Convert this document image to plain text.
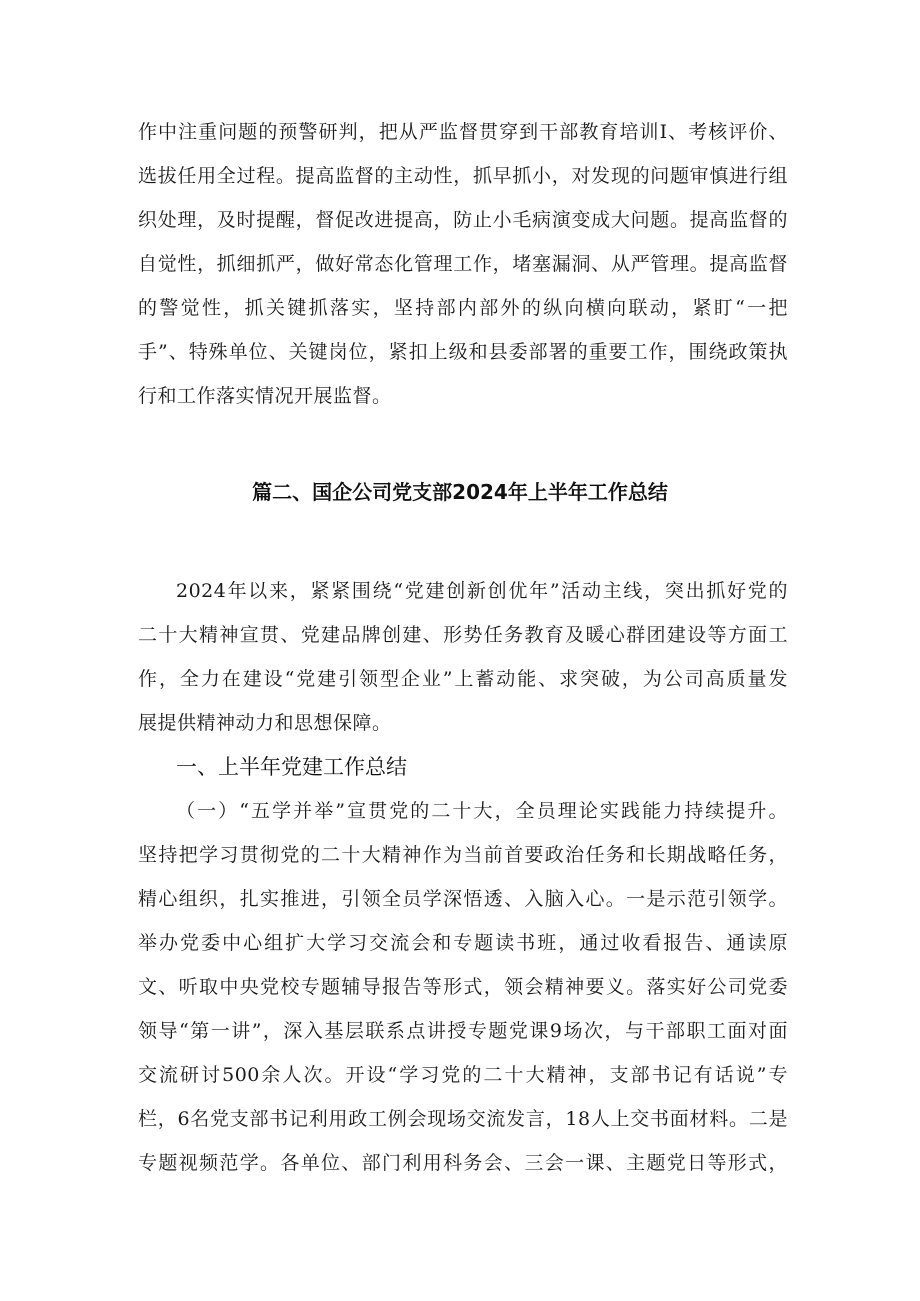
作中注重问题的预警研判，把从严监督贯穿到干部教育培训I、考核评价、
选拔任用全过程。提高监督的主动性，抓早抓小，对发现的问题审慎进行组
织处理，及时提醒，督促改进提高，防止小毛病演变成大问题。提高监督的
自觉性，抓细抓严，做好常态化管理工作，堵塞漏洞、从严管理。提高监督
的警觉性，抓关键抓落实，坚持部内部外的纵向横向联动，紧盯“一把
手”、特殊单位、关键岗位，紧扣上级和县委部署的重要工作，围绕政策执
行和工作落实情况开展监督。
篇二、国企公司党支部2024年上半年工作总结
2024年以来，紧紧围绕“党建创新创优年”活动主线，突出抓好党的
二十大精神宣贯、党建品牌创建、形势任务教育及暖心群团建设等方面工
作，全力在建设“党建引领型企业”上蓄动能、求突破，为公司高质量发
展提供精神动力和思想保障。
一、上半年党建工作总结
（一）“五学并举”宣贯党的二十大，全员理论实践能力持续提升。
坚持把学习贯彻党的二十大精神作为当前首要政治任务和长期战略任务，
精心组织，扎实推进，引领全员学深悟透、入脑入心。一是示范引领学。
举办党委中心组扩大学习交流会和专题读书班，通过收看报告、通读原
文、听取中央党校专题辅导报告等形式，领会精神要义。落实好公司党委
领导“第一讲”，深入基层联系点讲授专题党课9场次，与干部职工面对面
交流研讨500余人次。开设“学习党的二十大精神，支部书记有话说”专
栏，6名党支部书记利用政工例会现场交流发言，18人上交书面材料。二是
专题视频范学。各单位、部门利用科务会、三会一课、主题党日等形式，
